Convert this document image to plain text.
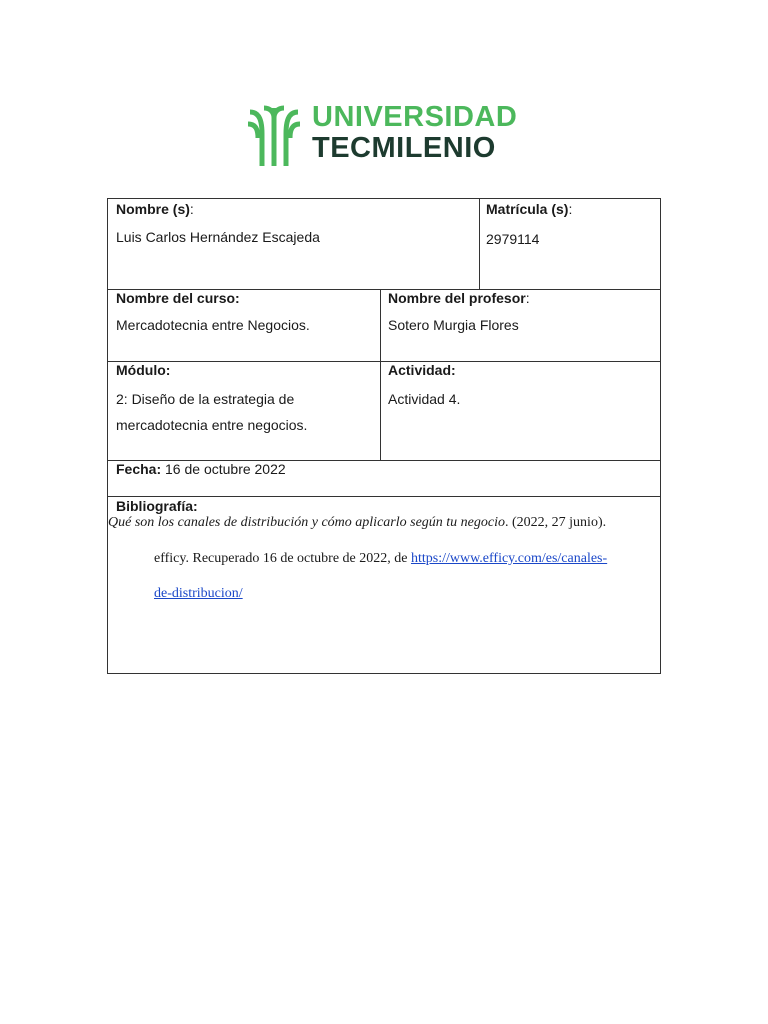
UNIVERSIDAD
TECMILENIO
Nombre (s):
Luis Carlos Hernández Escajeda
Matrícula (s):
2979114
Nombre del curso:
Mercadotecnia entre Negocios.
Nombre del profesor:
Sotero Murgia Flores
Módulo:
2: Diseño de la estrategia de
mercadotecnia entre negocios.
Actividad:
Actividad 4.
Fecha: 16 de octubre 2022
Bibliografía:
Qué son los canales de distribución y cómo aplicarlo según tu negocio. (2022, 27 junio).
efficy. Recuperado 16 de octubre de 2022, de https://www.efficy.com/es/canales-
de-distribucion/
